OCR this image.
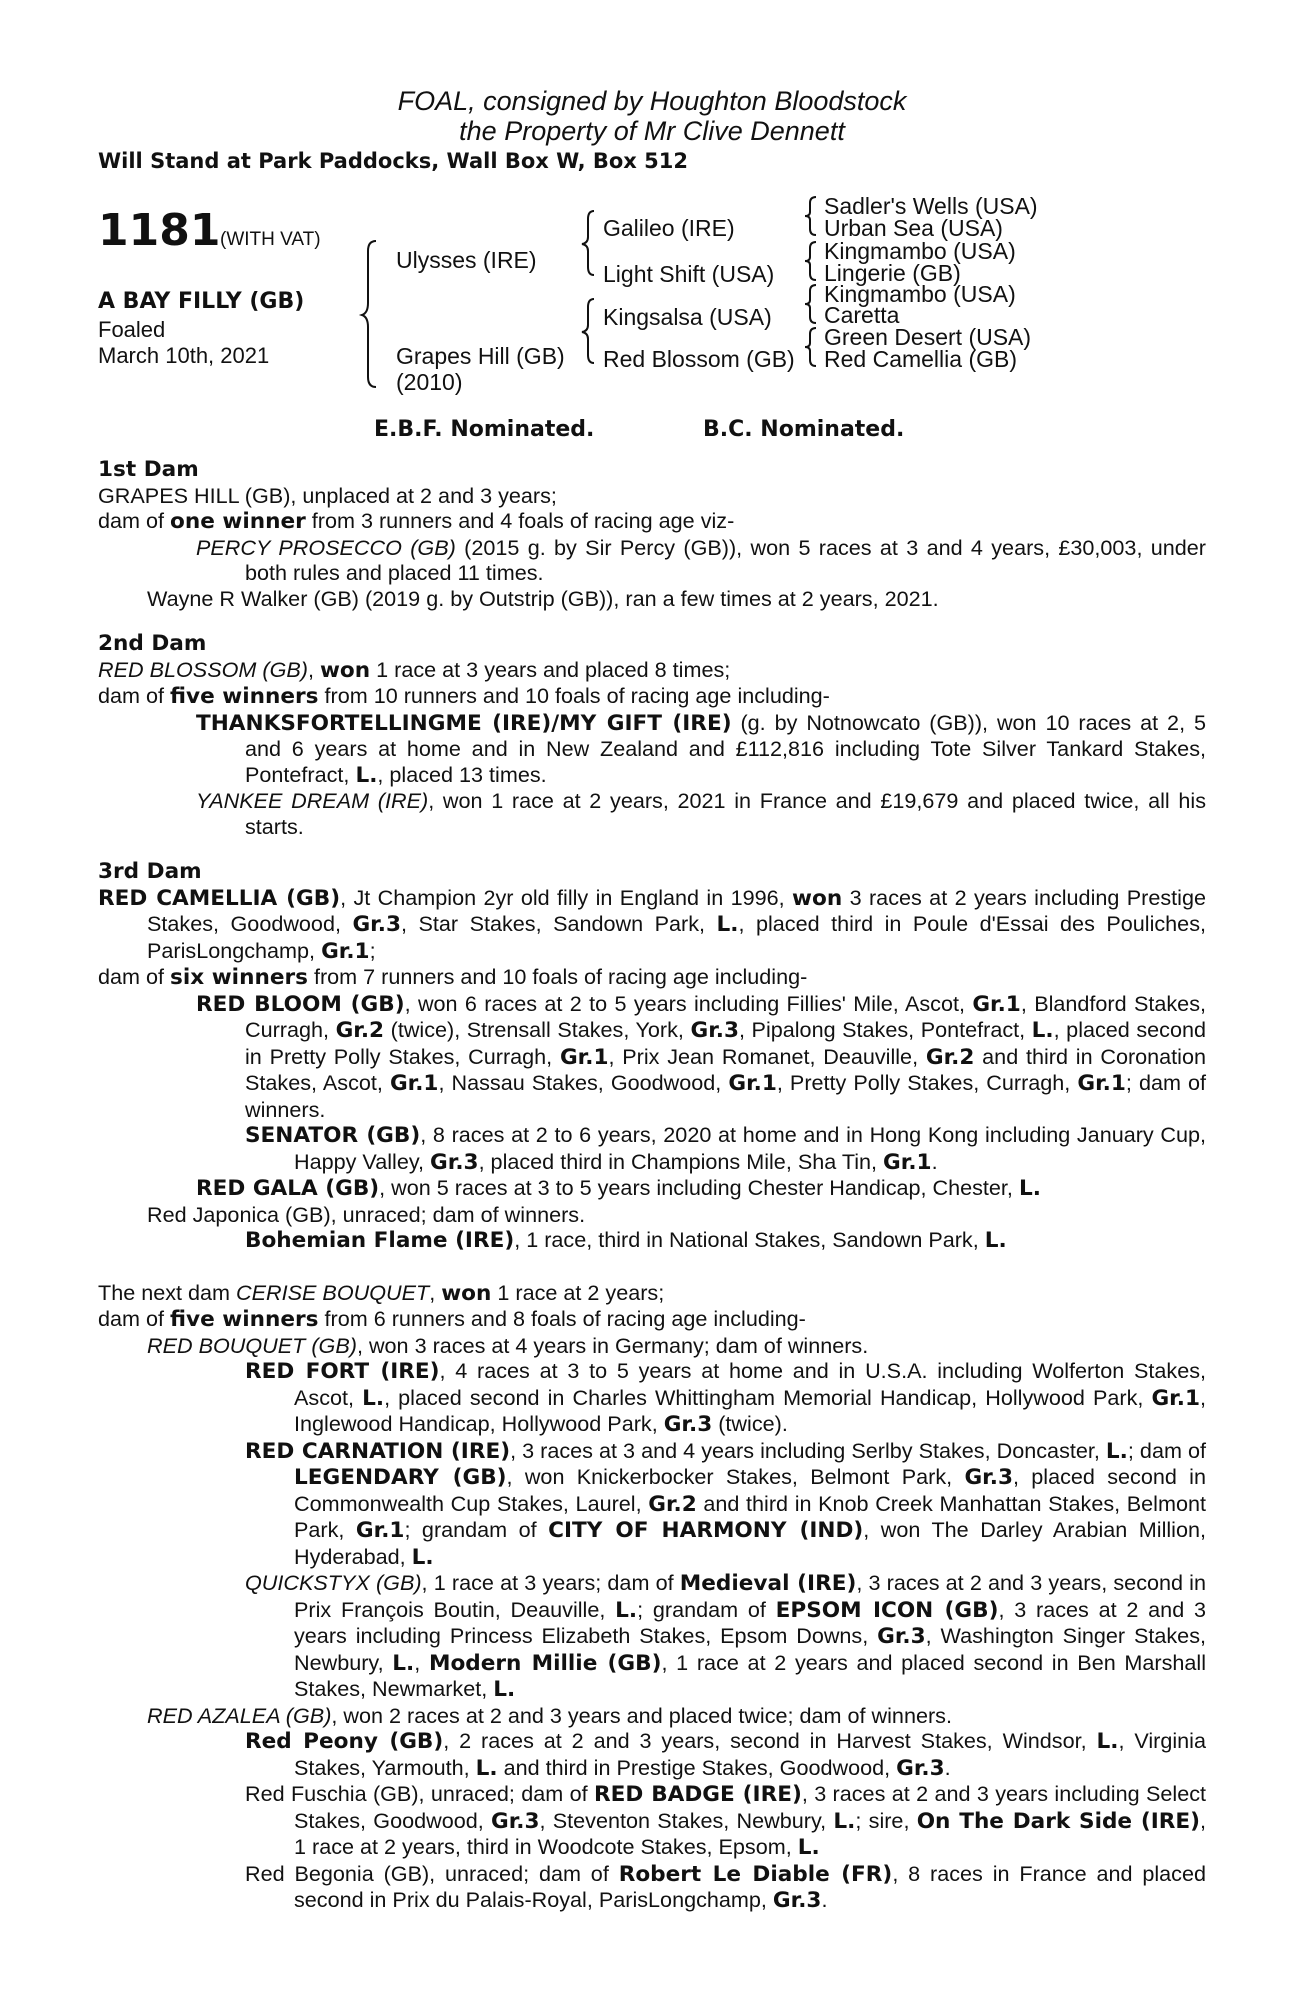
FOAL, consigned by Houghton Bloodstock
the Property of Mr Clive Dennett
Will Stand at Park Paddocks, Wall Box W, Box 512
1181 (WITH VAT)
A BAY FILLY (GB)
Foaled
March 10th, 2021
Ulysses (IRE)
Grapes Hill (GB)
(2010)
Galileo (IRE)
Light Shift (USA)
Kingsalsa (USA)
Red Blossom (GB)
Sadler's Wells (USA)
Urban Sea (USA)
Kingmambo (USA)
Lingerie (GB)
Kingmambo (USA)
Caretta
Green Desert (USA)
Red Camellia (GB)
E.B.F. Nominated.	B.C. Nominated.
1st Dam

GRAPES HILL (GB), unplaced at 2 and 3 years;

dam of one winner from 3 runners and 4 foals of racing age viz-

PERCY PROSECCO (GB) (2015 g. by Sir Percy (GB)), won 5 races at 3 and 4 years, £30,003, under both rules and placed 11 times.

Wayne R Walker (GB) (2019 g. by Outstrip (GB)), ran a few times at 2 years, 2021.

2nd Dam

RED BLOSSOM (GB), won 1 race at 3 years and placed 8 times;

dam of five winners from 10 runners and 10 foals of racing age including-

THANKSFORTELLINGME (IRE)/MY GIFT (IRE) (g. by Notnowcato (GB)), won 10 races at 2, 5 and 6 years at home and in New Zealand and £112,816 including Tote Silver Tankard Stakes, Pontefract, L., placed 13 times.

YANKEE DREAM (IRE), won 1 race at 2 years, 2021 in France and £19,679 and placed twice, all his starts.

3rd Dam

RED CAMELLIA (GB), Jt Champion 2yr old filly in England in 1996, won 3 races at 2 years including Prestige Stakes, Goodwood, Gr.3, Star Stakes, Sandown Park, L., placed third in Poule d'Essai des Pouliches, ParisLongchamp, Gr.1;

dam of six winners from 7 runners and 10 foals of racing age including-

RED BLOOM (GB), won 6 races at 2 to 5 years including Fillies' Mile, Ascot, Gr.1, Blandford Stakes, Curragh, Gr.2 (twice), Strensall Stakes, York, Gr.3, Pipalong Stakes, Pontefract, L., placed second in Pretty Polly Stakes, Curragh, Gr.1, Prix Jean Romanet, Deauville, Gr.2 and third in Coronation Stakes, Ascot, Gr.1, Nassau Stakes, Goodwood, Gr.1, Pretty Polly Stakes, Curragh, Gr.1; dam of winners.

SENATOR (GB), 8 races at 2 to 6 years, 2020 at home and in Hong Kong including January Cup, Happy Valley, Gr.3, placed third in Champions Mile, Sha Tin, Gr.1.

RED GALA (GB), won 5 races at 3 to 5 years including Chester Handicap, Chester, L.

Red Japonica (GB), unraced; dam of winners.

Bohemian Flame (IRE), 1 race, third in National Stakes, Sandown Park, L.

The next dam CERISE BOUQUET, won 1 race at 2 years;

dam of five winners from 6 runners and 8 foals of racing age including-

RED BOUQUET (GB), won 3 races at 4 years in Germany; dam of winners.

RED FORT (IRE), 4 races at 3 to 5 years at home and in U.S.A. including Wolferton Stakes, Ascot, L., placed second in Charles Whittingham Memorial Handicap, Hollywood Park, Gr.1, Inglewood Handicap, Hollywood Park, Gr.3 (twice).

RED CARNATION (IRE), 3 races at 3 and 4 years including Serlby Stakes, Doncaster, L.; dam of LEGENDARY (GB), won Knickerbocker Stakes, Belmont Park, Gr.3, placed second in Commonwealth Cup Stakes, Laurel, Gr.2 and third in Knob Creek Manhattan Stakes, Belmont Park, Gr.1; grandam of CITY OF HARMONY (IND), won The Darley Arabian Million, Hyderabad, L.

QUICKSTYX (GB), 1 race at 3 years; dam of Medieval (IRE), 3 races at 2 and 3 years, second in Prix François Boutin, Deauville, L.; grandam of EPSOM ICON (GB), 3 races at 2 and 3 years including Princess Elizabeth Stakes, Epsom Downs, Gr.3, Washington Singer Stakes, Newbury, L., Modern Millie (GB), 1 race at 2 years and placed second in Ben Marshall Stakes, Newmarket, L.

RED AZALEA (GB), won 2 races at 2 and 3 years and placed twice; dam of winners.

Red Peony (GB), 2 races at 2 and 3 years, second in Harvest Stakes, Windsor, L., Virginia Stakes, Yarmouth, L. and third in Prestige Stakes, Goodwood, Gr.3.

Red Fuschia (GB), unraced; dam of RED BADGE (IRE), 3 races at 2 and 3 years including Select Stakes, Goodwood, Gr.3, Steventon Stakes, Newbury, L.; sire, On The Dark Side (IRE), 1 race at 2 years, third in Woodcote Stakes, Epsom, L.

Red Begonia (GB), unraced; dam of Robert Le Diable (FR), 8 races in France and placed second in Prix du Palais-Royal, ParisLongchamp, Gr.3.
